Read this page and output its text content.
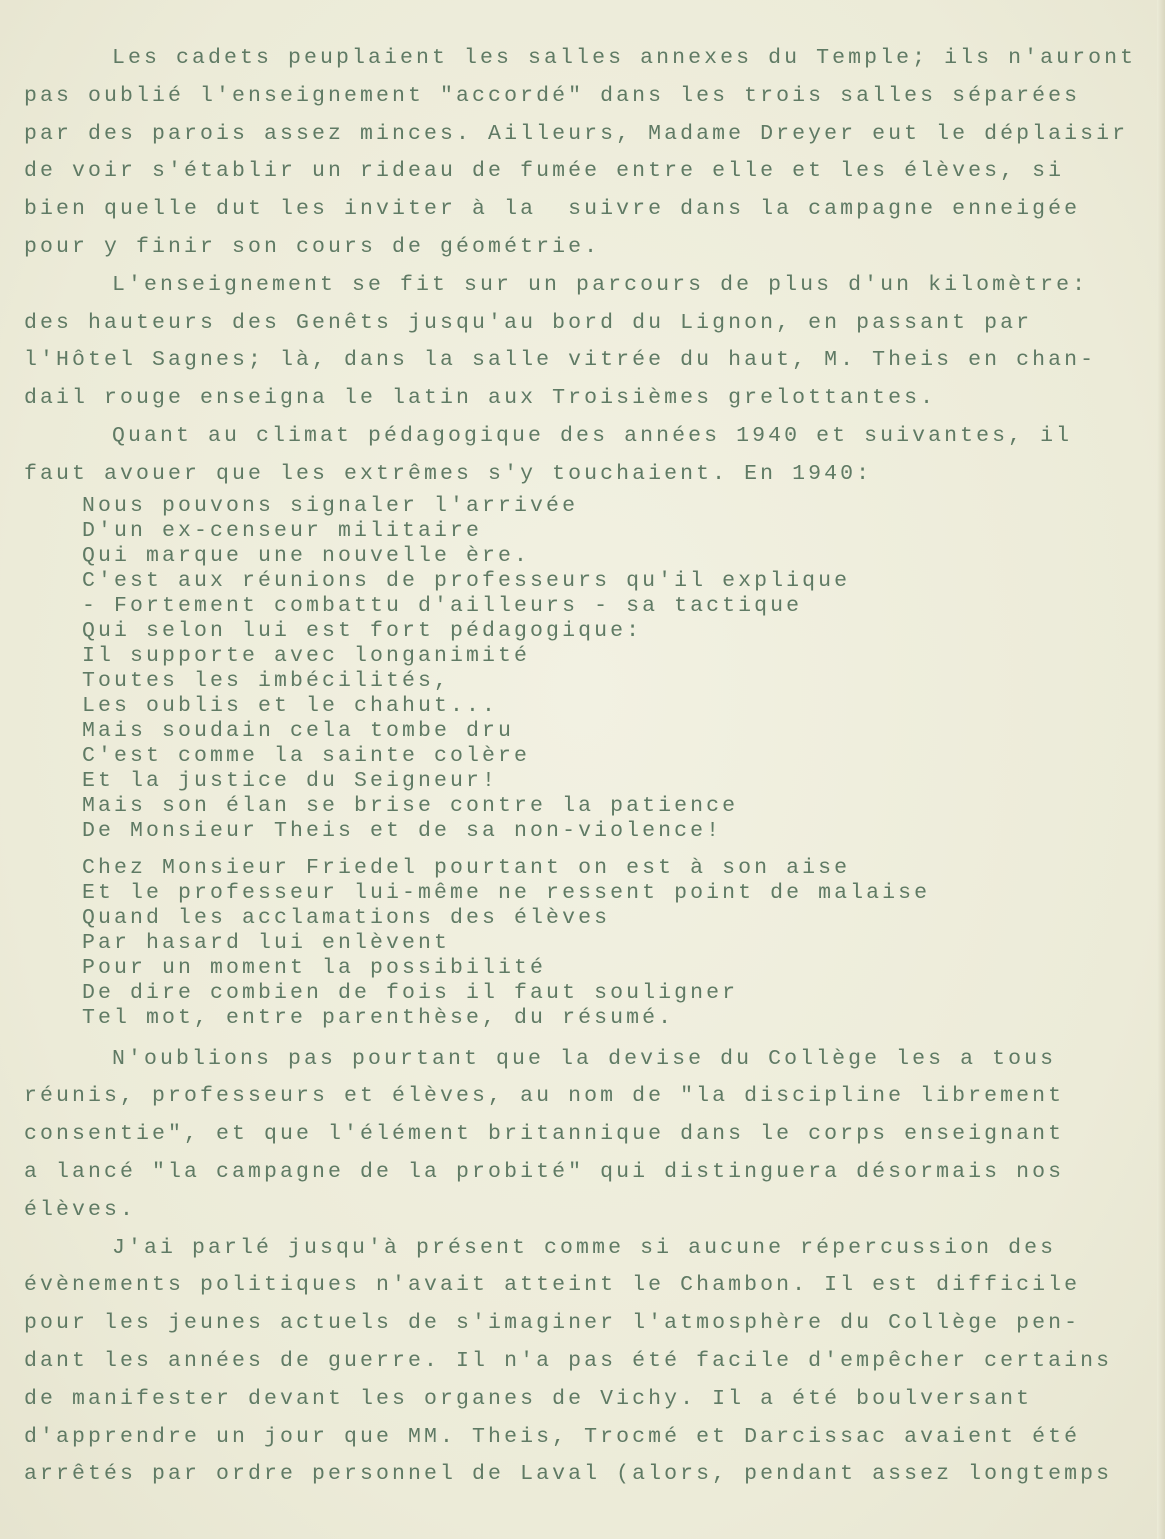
Les cadets peuplaient les salles annexes du Temple; ils n'auront
pas oublié l'enseignement "accordé" dans les trois salles séparées
par des parois assez minces. Ailleurs, Madame Dreyer eut le déplaisir
de voir s'établir un rideau de fumée entre elle et les élèves, si
bien quelle dut les inviter à la  suivre dans la campagne enneigée
pour y finir son cours de géométrie.
L'enseignement se fit sur un parcours de plus d'un kilomètre:
des hauteurs des Genêts jusqu'au bord du Lignon, en passant par
l'Hôtel Sagnes; là, dans la salle vitrée du haut, M. Theis en chan-
dail rouge enseigna le latin aux Troisièmes grelottantes.
Quant au climat pédagogique des années 1940 et suivantes, il
faut avouer que les extrêmes s'y touchaient. En 1940:
Nous pouvons signaler l'arrivée
D'un ex-censeur militaire
Qui marque une nouvelle ère.
C'est aux réunions de professeurs qu'il explique
- Fortement combattu d'ailleurs - sa tactique
Qui selon lui est fort pédagogique:
Il supporte avec longanimité
Toutes les imbécilités,
Les oublis et le chahut...
Mais soudain cela tombe dru
C'est comme la sainte colère
Et la justice du Seigneur!
Mais son élan se brise contre la patience
De Monsieur Theis et de sa non-violence!
Chez Monsieur Friedel pourtant on est à son aise
Et le professeur lui-même ne ressent point de malaise
Quand les acclamations des élèves
Par hasard lui enlèvent
Pour un moment la possibilité
De dire combien de fois il faut souligner
Tel mot, entre parenthèse, du résumé.
N'oublions pas pourtant que la devise du Collège les a tous
réunis, professeurs et élèves, au nom de "la discipline librement
consentie", et que l'élément britannique dans le corps enseignant
a lancé "la campagne de la probité" qui distinguera désormais nos
élèves.
J'ai parlé jusqu'à présent comme si aucune répercussion des
évènements politiques n'avait atteint le Chambon. Il est difficile
pour les jeunes actuels de s'imaginer l'atmosphère du Collège pen-
dant les années de guerre. Il n'a pas été facile d'empêcher certains
de manifester devant les organes de Vichy. Il a été boulversant
d'apprendre un jour que MM. Theis, Trocmé et Darcissac avaient été
arrêtés par ordre personnel de Laval (alors, pendant assez longtemps
